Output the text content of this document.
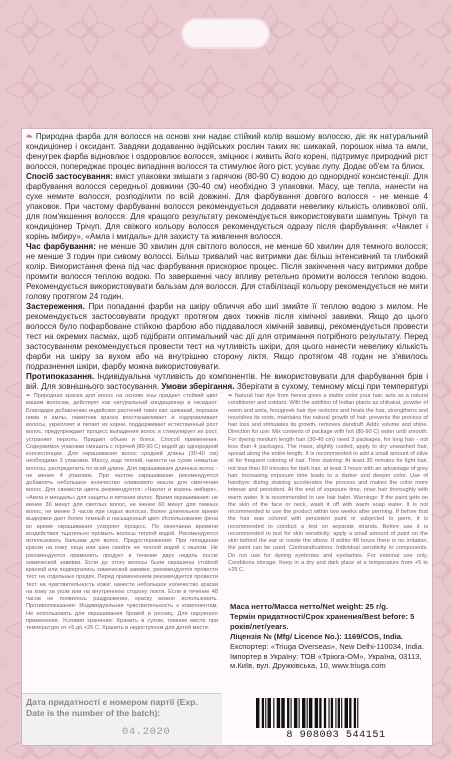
❧ Природна фарба для волосся на основі хни надає стійкий колір вашому волоссю, діє як натуральний кондиціонер і оксидант. Завдяки додаванню індійських рослин таких як: шикакай, порошок німа та амли, фенугрек фарба відновлює і оздоровлює волосся, зміцнює і живить його корені, підтримує природний ріст волосся, попереджає процес випадіння волосся та стимулює його ріст, усуває лупу. Додає об'єм та блиск.

Спосіб застосування: вміст упаковки змішати з гарячою (80-90 С) водою до однорідної консистенції. Для фарбування волосся середньої довжини (30-40 см) необхідно 3 упаковки. Масу, ще тепла, нанести на сухе немите волосся, розподілити по всій довжині. Для фарбування довгого волосся - не менше 4 упаковок. При частому фарбуванні волосся рекомендується додавати невелику кількість оливкової олії, для пом'якшення волосся. Для кращого результату рекомендується використовувати шампунь Трічуп та кондиціонер Трічуп. Для свіжого кольору волосся рекомендується одразу після фарбування: «Чаклет і корінь імбиру», «Амла і мигдаль» для захисту та живлення волосся.

Час фарбування: не менше 30 хвилин для світлого волосся, не менше 60 хвилин для темного волосся; не менше 3 годин при сивому волоссі. Більш тривалий час витримки дає більш інтенсивний та глибокий колір. Використання фена під час фарбування прискорює процес. Після закінчення часу витримки добре промити волосся теплою водою. По завершенні часу впливу ретельно промити волосся теплою водою. Рекомендується використовувати бальзам для волосся. Для стабілізації кольору рекомендується не мити голову протягом 24 годин.

Застереження. При попаданні фарби на шкіру обличчя або шиї змийте її теплою водою з милом. Не рекомендується застосовувати продукт протягом двох тижнів після хімічної завивки. Якщо до цього волосся було пофарбоване стійкою фарбою або піддавалося хімічній завивці, рекомендується провести тест на окремих пасмах, щоб підібрати оптимальний час дії для отримання потрібного результату. Перед застосуванням рекомендується провести тест на чутливість шкіри, для цього нанести невелику кількість фарби на шкіру за вухом або на внутрішню сторону ліктя. Якщо протягом 48 годин не з'явилось подразнення шкіри, фарбу можна використовувати.

Протипоказання. Індивідуальна чутливість до компонентів. Не використовувати для фарбування брів і вій. Для зовнішнього застосування. Умови зберігання. Зберігати в сухому, темному місці при температурі

❧ Природная краска для волос на основе хны придает стойкий цвет вашим волосам, действует как натуральный кондиционер и оксидант. Благодаря добавлению индийских растений таких как: шикакай, порошок нима и амлы, пажитник краска восстанавливает и оздоравливает волосы, укрепляет и питает их корни, поддерживает естественный рост волос, предупреждает процесс выпадения волос и стимулирует их рост, устраняет перхоть. Придает объем и блеск. Способ применения: Содержимое упаковки смешать с горячей (80-90 С) водой до однородной консистенции. Для окрашивания волос средней длины (30-40 см) необходимо 3 упаковки. Массу, еще теплой, нанести на сухие немытые волосы, распределить по всей длине. Для окрашивания длинных волос - не менее 4 упаковок. При частом окрашивании рекомендуется добавлять небольшое количество оливкового масла для смягчения волос. Для свежести цвета рекомендуется: «Чаклет и корень имбиря», «Амла и миндаль» для защиты и питания волос. Время окрашивания: не менее 30 минут для светлых волос, не менее 60 минут для темных волос, не менее 3 часов при седых волосах. Более длительное время выдержки дает более темный и насыщенный цвет. Использование фена во время окрашивания ускоряет процесс. По окончании времени воздействия тщательно промыть волосы теплой водой. Рекомендуется использовать бальзам для волос. Предостережения: При попадании краски на кожу лица или шеи смойте ее теплой водой с мылом. Не рекомендуется применять продукт в течение двух недель после химической завивки. Если до этого волосы были окрашены стойкой краской или подвергались химической завивке, рекомендуется провести тест на отдельных прядях. Перед применением рекомендуется провести тест на чувствительность кожи: нанести небольшое количество краски на кожу за ухом или на внутреннюю сторону локтя. Если в течение 48 часов не появилось раздражение, краску можно использовать. Противопоказания: Индивидуальная чувствительность к компонентам. Не использовать для окрашивания бровей и ресниц. Для наружного применения. Условия хранения: Хранить в сухом, темном месте при температуре от +5 до +25 С. Хранить в недоступном для детей месте.
❧ Natural hair dye from henna gives a stable color your hair, acts as a natural conditioner and oxidant. With the addition of Indian plants as shikakai, powder of neem and amla, fenugreek hair dye restores and heals the hair, strengthens and nourishes its roots, maintains the natural growth of hair, prevents the process of hair loss and stimulates its growth, removes dandruff. Adds volume and shine. Direction for use: Mix contents of package with hot (80-90 C) water until smooth. For dyeing medium length hair (30-40 cm) need 3 packages, for long hair - not less than 4 packages. The mass, slightly cooled, apply to dry unwashed hair, spread along the entire length. It is recommended to add a small amount of olive oil for frequent coloring of hair. Time staining: At least 30 minutes for light hair, not less than 60 minutes for dark hair, at least 3 hours with an advantage of grey hair. Increasing exposure time leads to a darker and deeper color. Use of hairdryer during staining accelerates the process and makes the color more intense and persistent. At the end of exposure time, rinse hair thoroughly with warm water. It is recommended to use hair balm. Warnings: If the paint gets on the skin of the face or neck, wash it off with warm soap water. It is not recommended to use the product within two weeks after perming. If before that the hair was colored with persistent paint or subjected to perm, it is recommended to conduct a test on separate strands. Before use it is recommended to test for skin sensitivity: apply a small amount of paint on the skin behind the ear or inside the elbow. If within 48 hours there is no irritation, the paint can be used. Contraindications: Individual sensitivity to components. Do not use for dyeing eyebrows and eyelashes. For external use only. Conditions storage: Keep in a dry and dark place at a temperature from +5 to +25 C.
Маса нетто/Масса нетто/Net weight: 25 г/g.
Термін придатності/Срок хранения/Best before: 5 років/лет/years.
Ліцензія № (Mfg/ Licence No.): 1169/COS, India.
Експортер: «Triuga Overseas», New Delhi-110034, India.
Імпортер в Україну: ТОВ «Тріюга-ОМ», Україна, 03113, м.Київ, вул. Дружківська, 10, www.triuga.com
Дата придатності є номером партії (Exp. Date is the number of the batch):
04.2020	8 908003 544151
